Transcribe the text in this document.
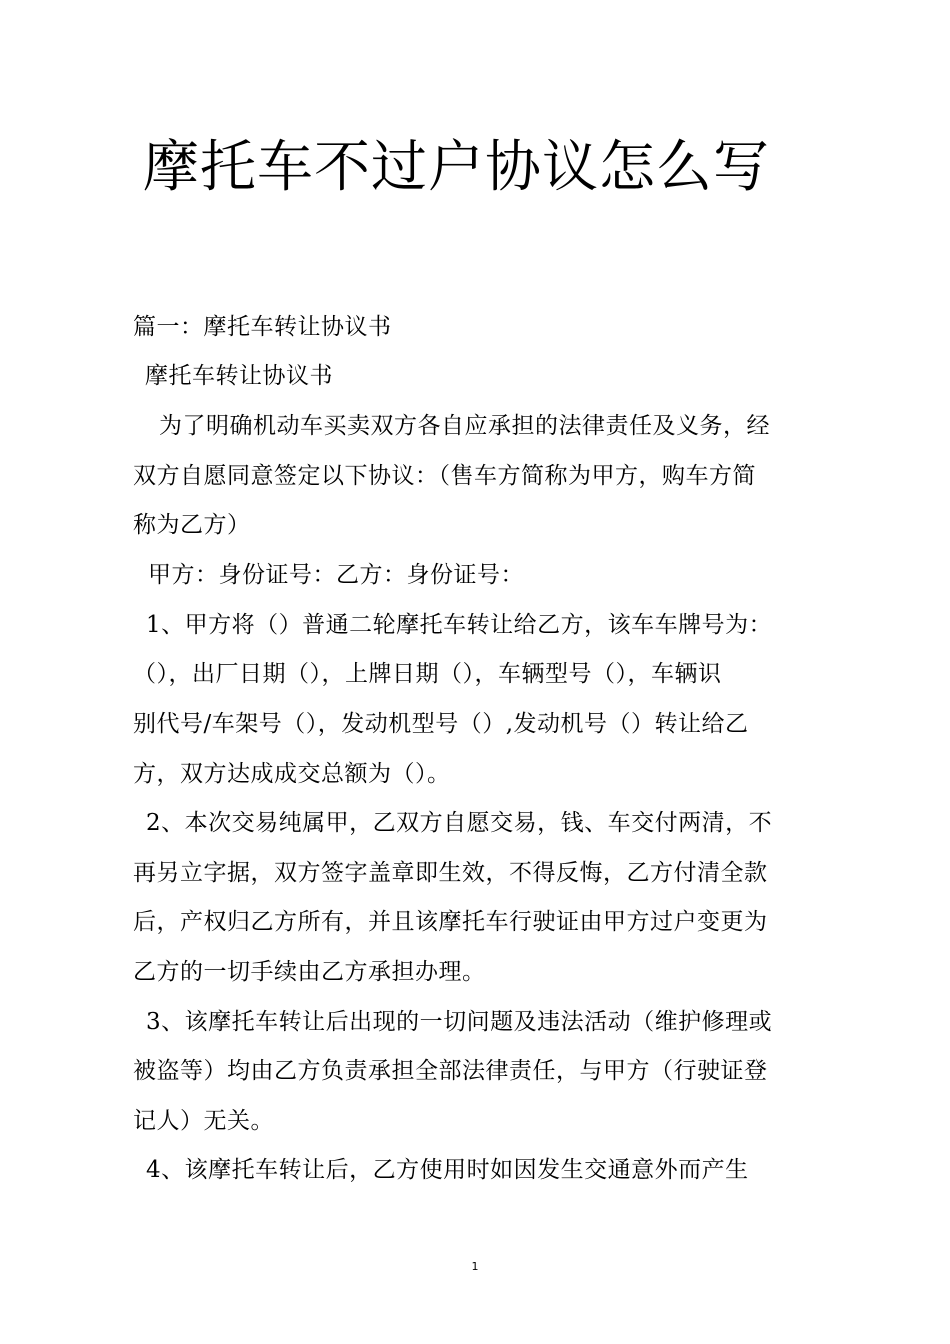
摩托车不过户协议怎么写
篇一：摩托车转让协议书
摩托车转让协议书
为了明确机动车买卖双方各自应承担的法律责任及义务，经
双方自愿同意签定以下协议：（售车方简称为甲方，购车方简
称为乙方）
甲方：身份证号：乙方：身份证号：
1、甲方将（）普通二轮摩托车转让给乙方，该车车牌号为：
（），出厂日期（），上牌日期（），车辆型号（），车辆识
别代号/车架号（），发动机型号（）,发动机号（）转让给乙
方，双方达成成交总额为（）。
2、本次交易纯属甲，乙双方自愿交易，钱、车交付两清，不
再另立字据，双方签字盖章即生效，不得反悔，乙方付清全款
后，产权归乙方所有，并且该摩托车行驶证由甲方过户变更为
乙方的一切手续由乙方承担办理。
3、该摩托车转让后出现的一切问题及违法活动（维护修理或
被盗等）均由乙方负责承担全部法律责任，与甲方（行驶证登
记人）无关。
4、该摩托车转让后，乙方使用时如因发生交通意外而产生
1
